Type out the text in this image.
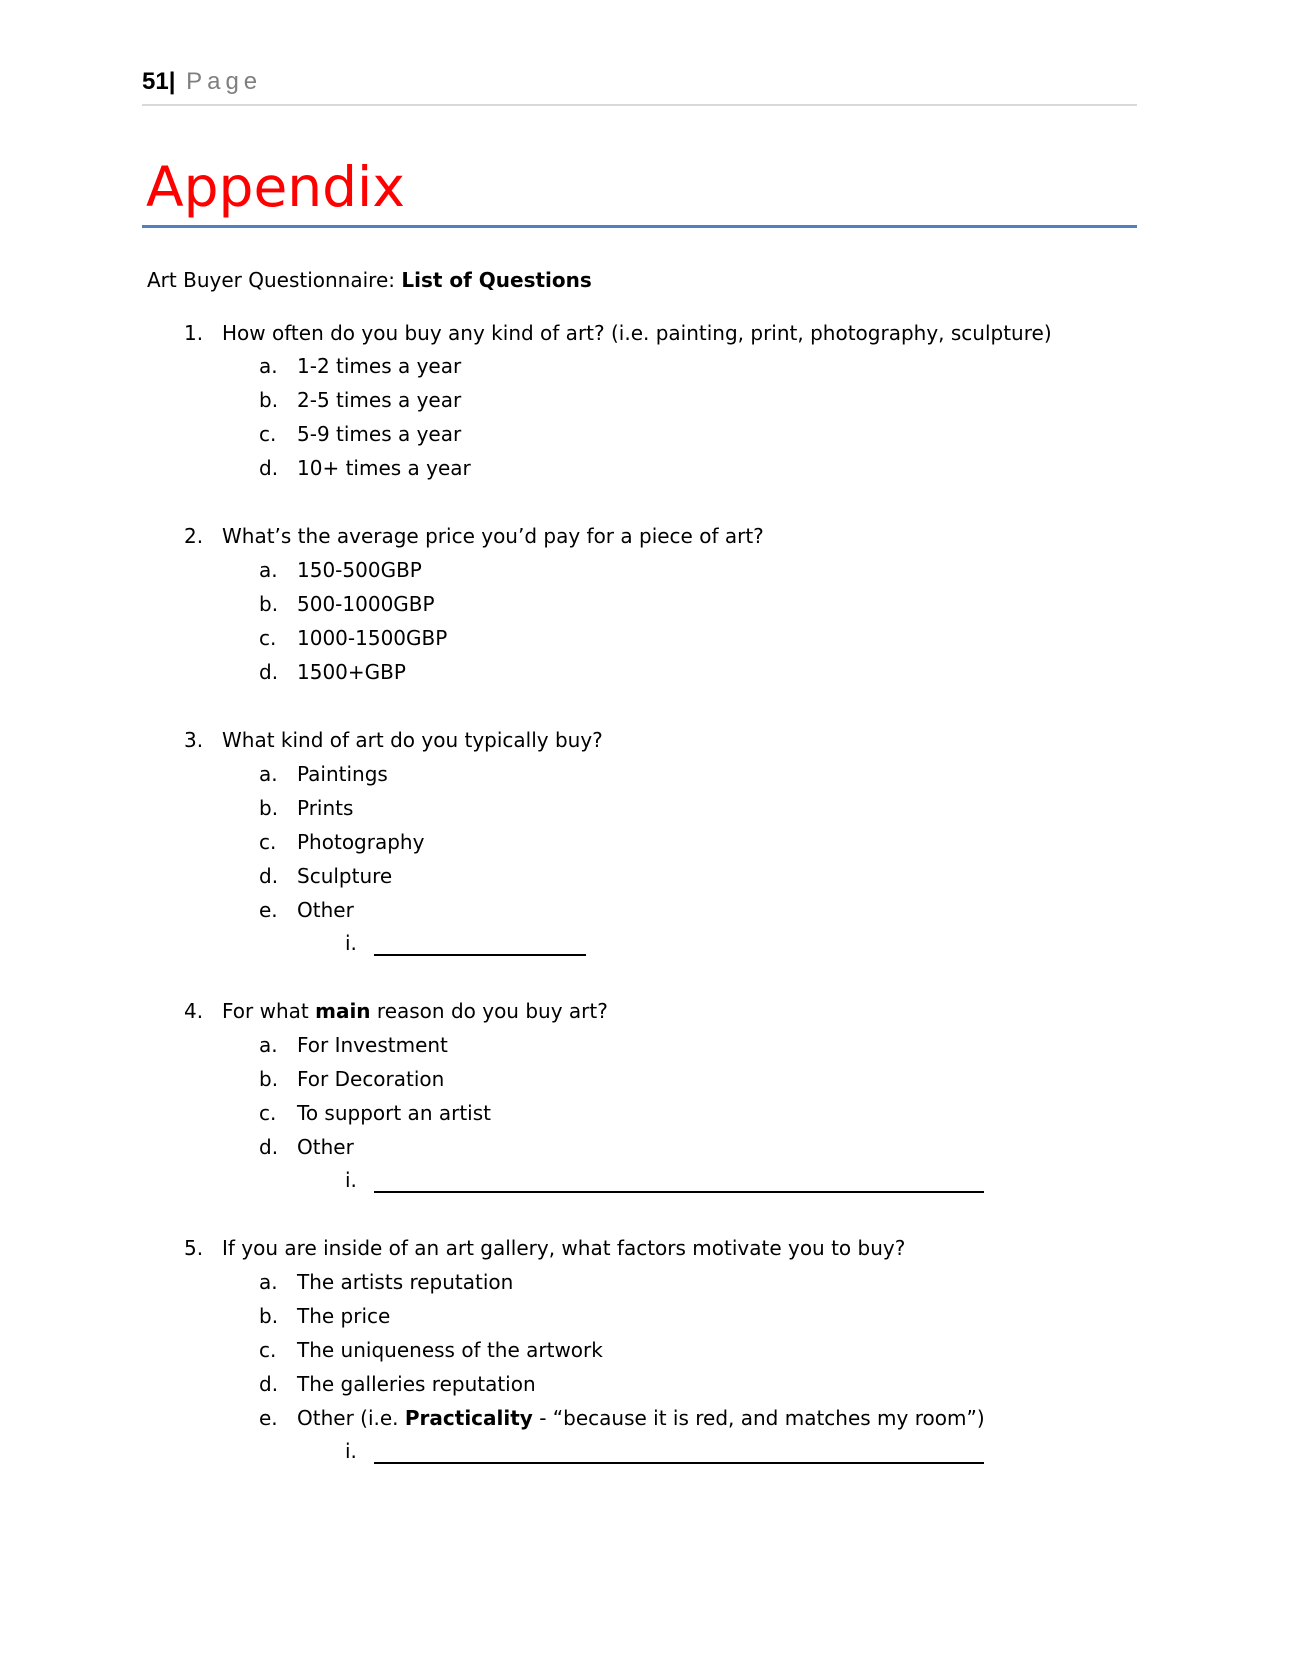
51| Page
Appendix
Art Buyer Questionnaire: List of Questions
1. How often do you buy any kind of art? (i.e. painting, print, photography, sculpture)
a. 1-2 times a year
b. 2-5 times a year
c. 5-9 times a year
d. 10+ times a year
2. What’s the average price you’d pay for a piece of art?
a. 150-500GBP
b. 500-1000GBP
c. 1000-1500GBP
d. 1500+GBP
3. What kind of art do you typically buy?
a. Paintings
b. Prints
c. Photography
d. Sculpture
e. Other
i.
4. For what main reason do you buy art?
a. For Investment
b. For Decoration
c. To support an artist
d. Other
i.
5. If you are inside of an art gallery, what factors motivate you to buy?
a. The artists reputation
b. The price
c. The uniqueness of the artwork
d. The galleries reputation
e. Other (i.e. Practicality - “because it is red, and matches my room”)
i.
